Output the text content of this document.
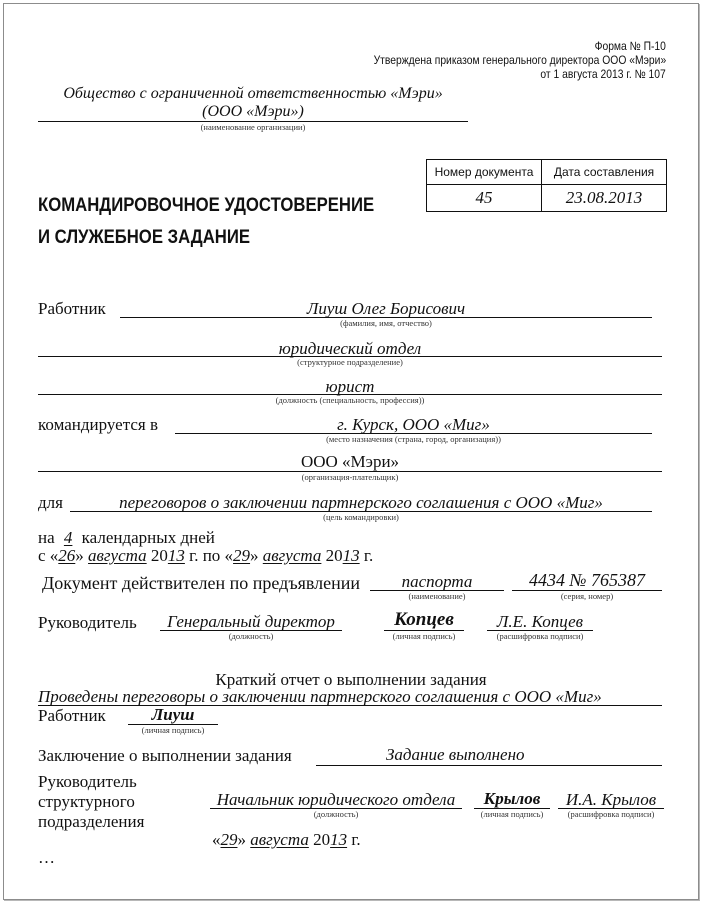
Форма № П-10
Утверждена приказом генерального директора ООО «Мэри»
от 1 августа 2013 г. № 107
Общество с ограниченной ответственностью «Мэри»
(ООО «Мэри»)
(наименование организации)
Номер документа	Дата составления
45	23.08.2013
КОМАНДИРОВОЧНОЕ УДОСТОВЕРЕНИЕ
И СЛУЖЕБНОЕ ЗАДАНИЕ
Работник	Лиуш Олег Борисович
(фамилия, имя, отчество)
юридический отдел
(структурное подразделение)
юрист
(должность (специальность, профессия))
командируется в	г. Курск, ООО «Миг»
(место назначения (страна, город, организация))
ООО «Мэри»
(организация-плательщик)
для	переговоров о заключении партнерского соглашения с ООО «Миг»
(цель командировки)
на 4 календарных дней
с «26» августа 2013 г. по «29» августа 2013 г.
Документ действителен по предъявлении	паспорта
(наименование)
4434 № 765387
(серия, номер)
Руководитель	Генеральный директор
(должность)
Копцев
(личная подпись)
Л.Е. Копцев
(расшифровка подписи)
Краткий отчет о выполнении задания
Проведены переговоры о заключении партнерского соглашения с ООО «Миг»
Работник	Лиуш
(личная подпись)
Заключение о выполнении задания	Задание выполнено
Руководитель
структурного
подразделения
Начальник юридического отдела
(должность)
Крылов
(личная подпись)
И.А. Крылов
(расшифровка подписи)
«29» августа 2013 г.
…
